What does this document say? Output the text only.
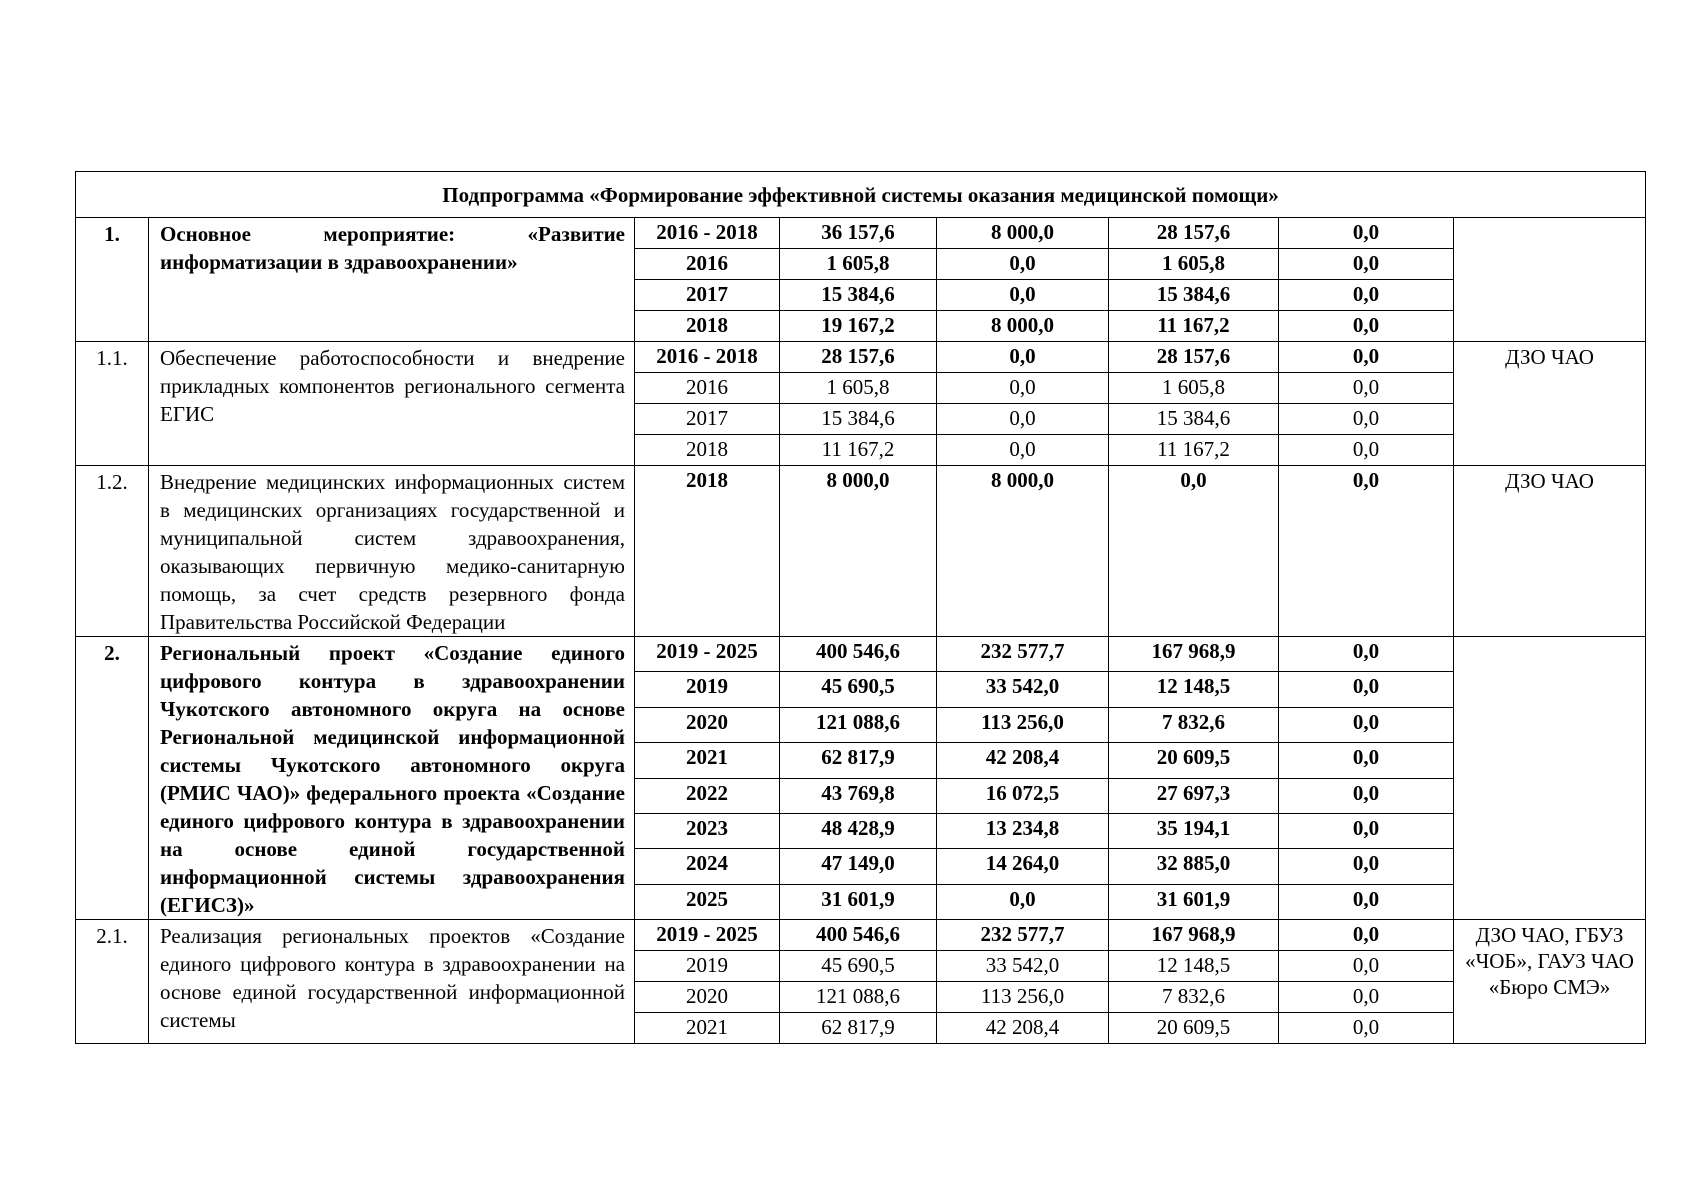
Подпрограмма «Формирование эффективной системы оказания медицинской помощи»							
1.	Основное мероприятие: «Развитие информатизации в здравоохранении»	2016 - 2018	36 157,6	8 000,0	28 157,6	0,0	
		2016	1 605,8	0,0	1 605,8	0,0	
		2017	15 384,6	0,0	15 384,6	0,0	
		2018	19 167,2	8 000,0	11 167,2	0,0	
1.1.	Обеспечение работоспособности и внедрение прикладных компонентов регионального сегмента ЕГИС	2016 - 2018	28 157,6	0,0	28 157,6	0,0	ДЗО ЧАО
		2016	1 605,8	0,0	1 605,8	0,0	
		2017	15 384,6	0,0	15 384,6	0,0	
		2018	11 167,2	0,0	11 167,2	0,0	
1.2.	Внедрение медицинских информационных систем в медицинских организациях государственной и муниципальной систем здравоохранения, оказывающих первичную медико-санитарную помощь, за счет средств резервного фонда Правительства Российской Федерации	2018	8 000,0	8 000,0	0,0	0,0	ДЗО ЧАО
2.	Региональный проект «Создание единого цифрового контура в здравоохранении Чукотского автономного округа на основе Региональной медицинской информационной системы Чукотского автономного округа (РМИС ЧАО)» федерального проекта «Создание единого цифрового контура в здравоохранении на основе единой государственной информационной системы здравоохранения (ЕГИСЗ)»	2019 - 2025	400 546,6	232 577,7	167 968,9	0,0	
		2019	45 690,5	33 542,0	12 148,5	0,0	
		2020	121 088,6	113 256,0	7 832,6	0,0	
		2021	62 817,9	42 208,4	20 609,5	0,0	
		2022	43 769,8	16 072,5	27 697,3	0,0	
		2023	48 428,9	13 234,8	35 194,1	0,0	
		2024	47 149,0	14 264,0	32 885,0	0,0	
		2025	31 601,9	0,0	31 601,9	0,0	
2.1.	Реализация региональных проектов «Создание единого цифрового контура в здравоохранении на основе единой государственной информационной системы	2019 - 2025	400 546,6	232 577,7	167 968,9	0,0	ДЗО ЧАО, ГБУЗ «ЧОБ», ГАУЗ ЧАО «Бюро СМЭ»
		2019	45 690,5	33 542,0	12 148,5	0,0	
		2020	121 088,6	113 256,0	7 832,6	0,0	
		2021	62 817,9	42 208,4	20 609,5	0,0	
